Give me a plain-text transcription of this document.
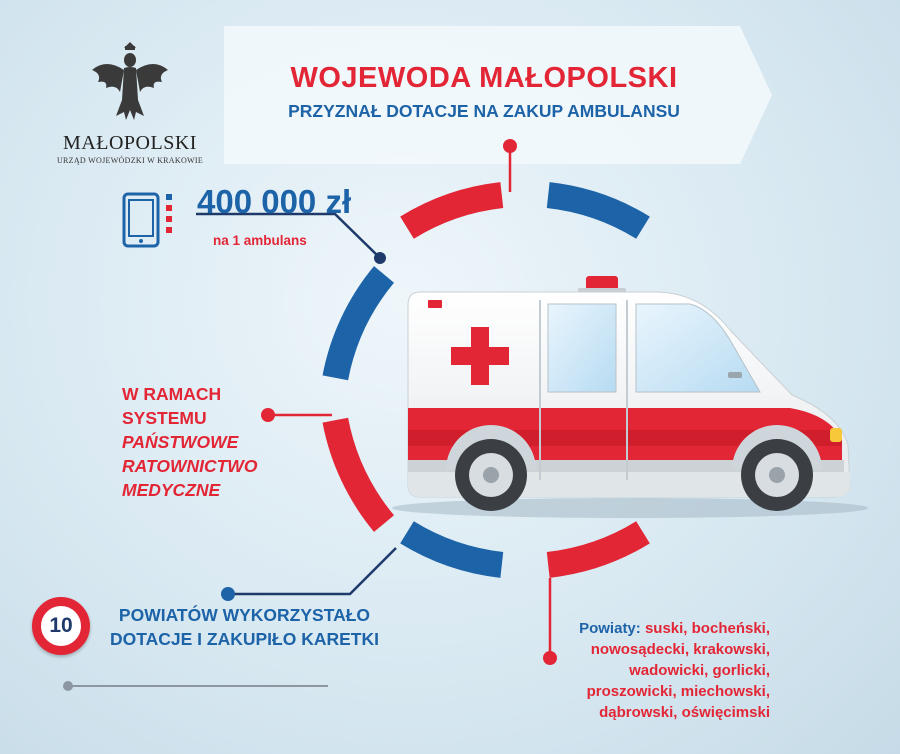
WOJEWODA MAŁOPOLSKI
PRZYZNAŁ DOTACJE NA ZAKUP AMBULANSU
MAŁOPOLSKI
URZĄD WOJEWÓDZKI W KRAKOWIE
400 000 zł
na 1 ambulans
W RAMACH
SYSTEMU
PAŃSTWOWE
RATOWNICTWO
MEDYCZNE
10	POWIATÓW WYKORZYSTAŁO
DOTACJE I ZAKUPIŁO KARETKI
Powiaty: suski, bocheński,
nowosądecki, krakowski,
wadowicki, gorlicki,
proszowicki, miechowski,
dąbrowski, oświęcimski
